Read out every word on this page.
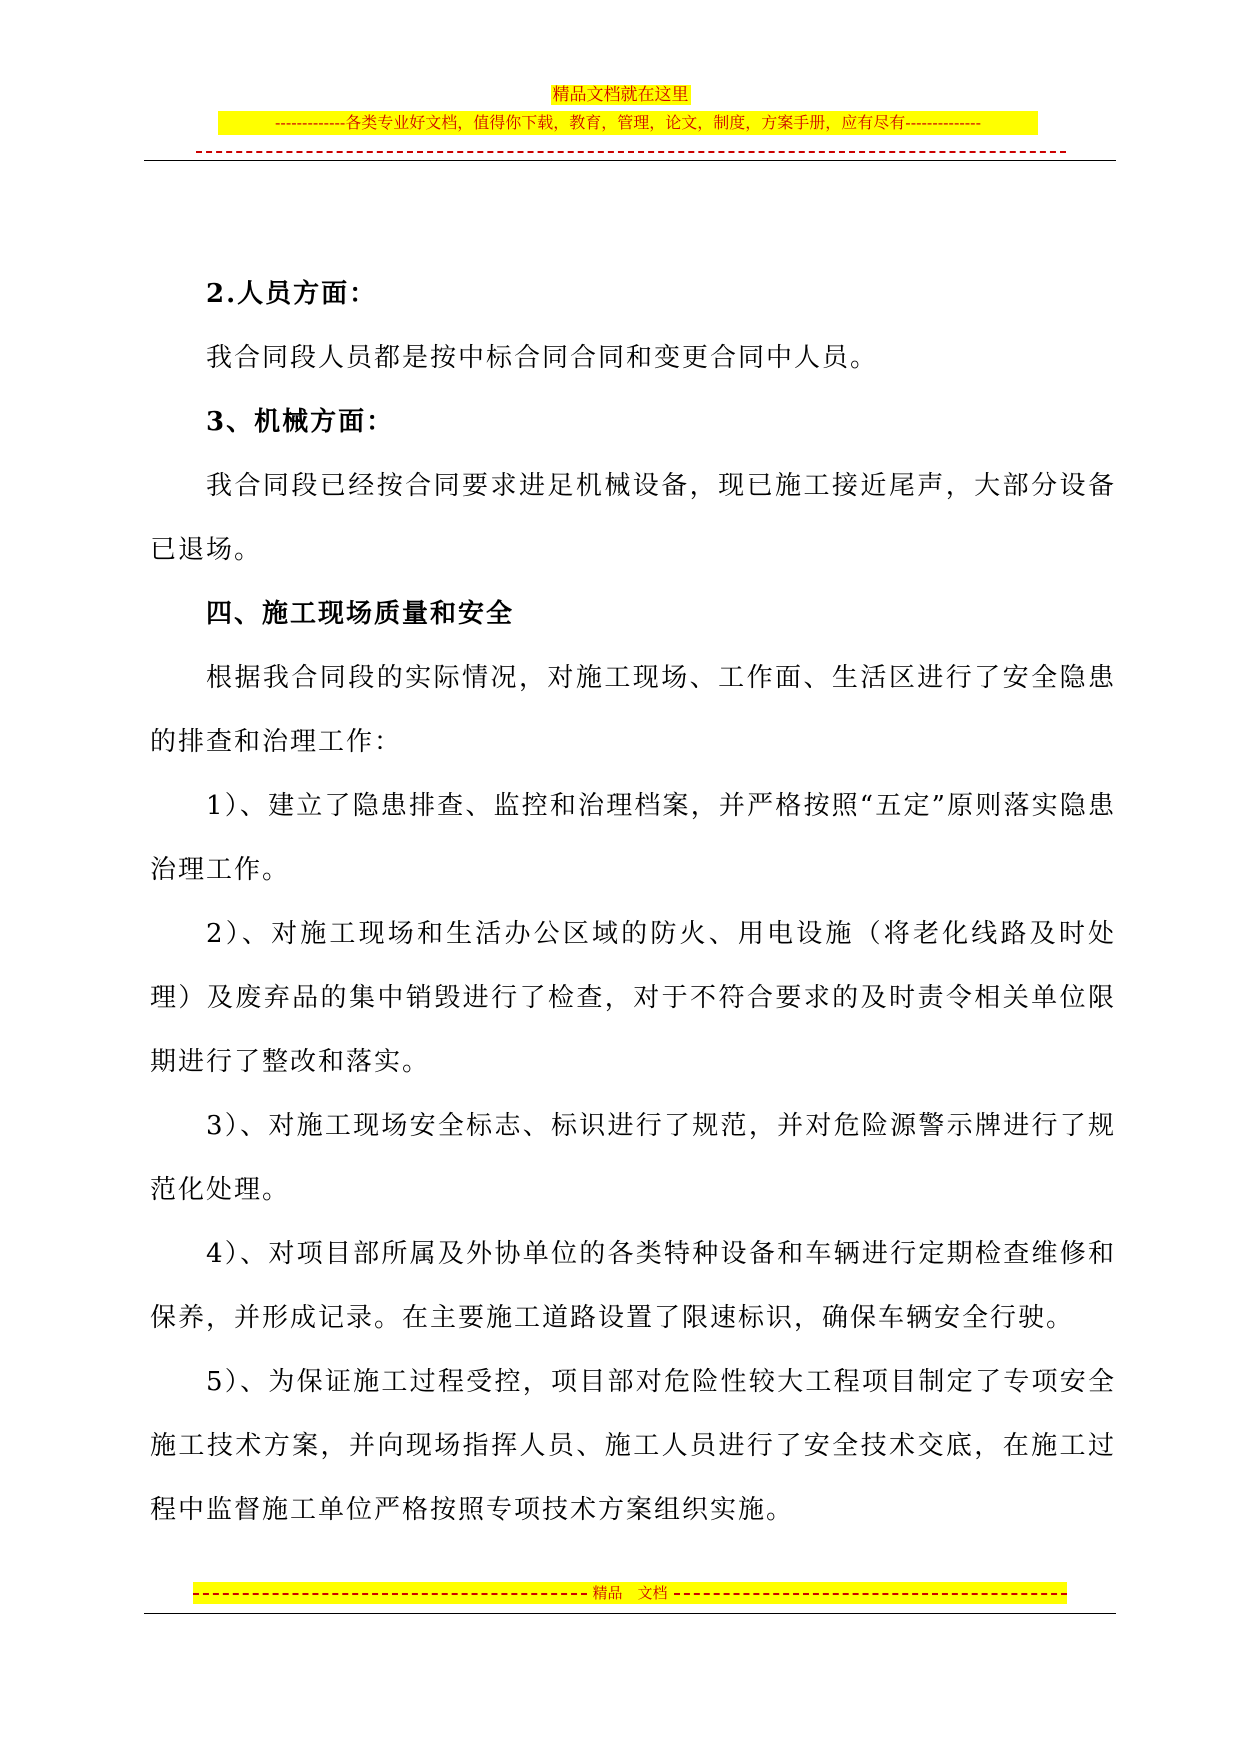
精品文档就在这里
-------------各类专业好文档，值得你下载，教育，管理，论文，制度，方案手册，应有尽有--------------

2.人员方面：

我合同段人员都是按中标合同合同和变更合同中人员。

3、机械方面：

我合同段已经按合同要求进足机械设备，现已施工接近尾声，大部分设备已退场。

四、施工现场质量和安全

根据我合同段的实际情况，对施工现场、工作面、生活区进行了安全隐患的排查和治理工作：

1）、建立了隐患排查、监控和治理档案，并严格按照“五定”原则落实隐患治理工作。

2）、对施工现场和生活办公区域的防火、用电设施（将老化线路及时处理）及废弃品的集中销毁进行了检查，对于不符合要求的及时责令相关单位限期进行了整改和落实。

3）、对施工现场安全标志、标识进行了规范，并对危险源警示牌进行了规范化处理。

4）、对项目部所属及外协单位的各类特种设备和车辆进行定期检查维修和保养，并形成记录。在主要施工道路设置了限速标识，确保车辆安全行驶。

5）、为保证施工过程受控，项目部对危险性较大工程项目制定了专项安全施工技术方案，并向现场指挥人员、施工人员进行了安全技术交底，在施工过程中监督施工单位严格按照专项技术方案组织实施。

精品　文档
